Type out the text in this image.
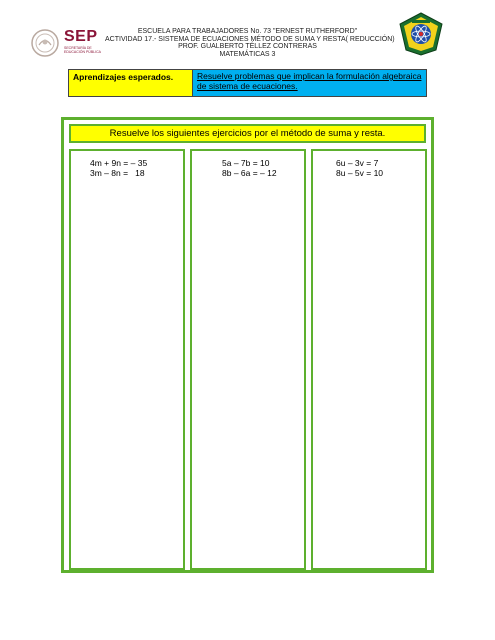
SEP
SECRETARÍA DE EDUCACIÓN PÚBLICA
ESCUELA PARA TRABAJADORES No. 73 "ERNEST RUTHERFORD"
ACTIVIDAD 17.- SISTEMA DE ECUACIONES MÉTODO DE SUMA Y RESTA( REDUCCIÓN)
PROF. GUALBERTO TÉLLEZ CONTRERAS
MATEMÁTICAS 3
Aprendizajes esperados.	Resuelve problemas que implican la formulación algebraica de sistema de ecuaciones.
Resuelve los siguientes ejercicios por el método de suma y resta.
4m + 9n = – 35
3m – 8n =   18
5a – 7b = 10
8b – 6a = – 12
6u – 3v = 7
8u – 5v = 10
